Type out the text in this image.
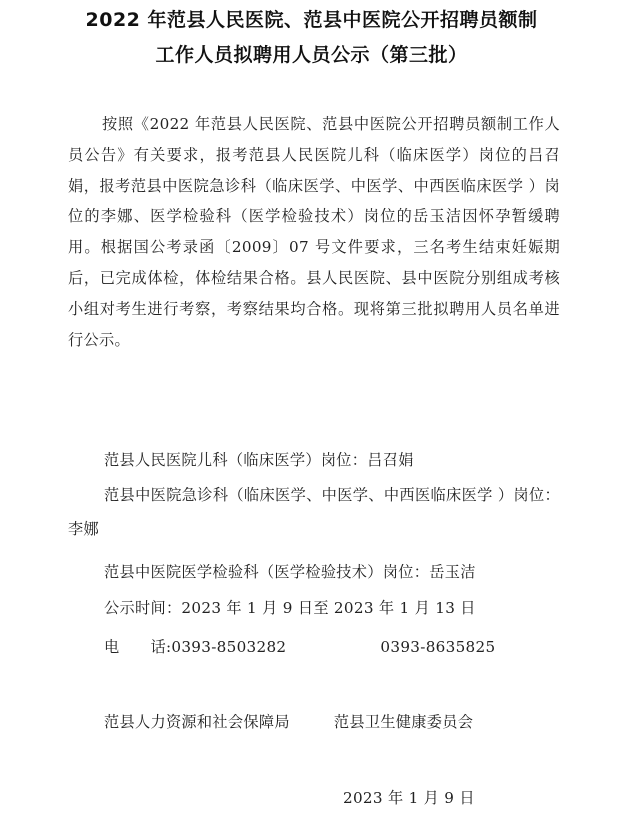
2022 年范县人民医院、范县中医院公开招聘员额制
工作人员拟聘用人员公示（第三批）

按照《2022 年范县人民医院、范县中医院公开招聘员额制工作人员公告》有关要求，报考范县人民医院儿科（临床医学）岗位的吕召娟，报考范县中医院急诊科（临床医学、中医学、中西医临床医学 ）岗位的李娜、医学检验科（医学检验技术）岗位的岳玉洁因怀孕暂缓聘用。根据国公考录函〔2009〕07 号文件要求，三名考生结束妊娠期后，已完成体检，体检结果合格。县人民医院、县中医院分别组成考核小组对考生进行考察，考察结果均合格。现将第三批拟聘用人员名单进行公示。

范县人民医院儿科（临床医学）岗位：吕召娟

范县中医院急诊科（临床医学、中医学、中西医临床医学 ）岗位：李娜

范县中医院医学检验科（医学检验技术）岗位：岳玉洁

公示时间：2023 年 1 月 9 日至 2023 年 1 月 13 日

电　　话:0393-8503282	0393-8635825

范县人力资源和社会保障局	范县卫生健康委员会

2023 年 1 月 9 日
